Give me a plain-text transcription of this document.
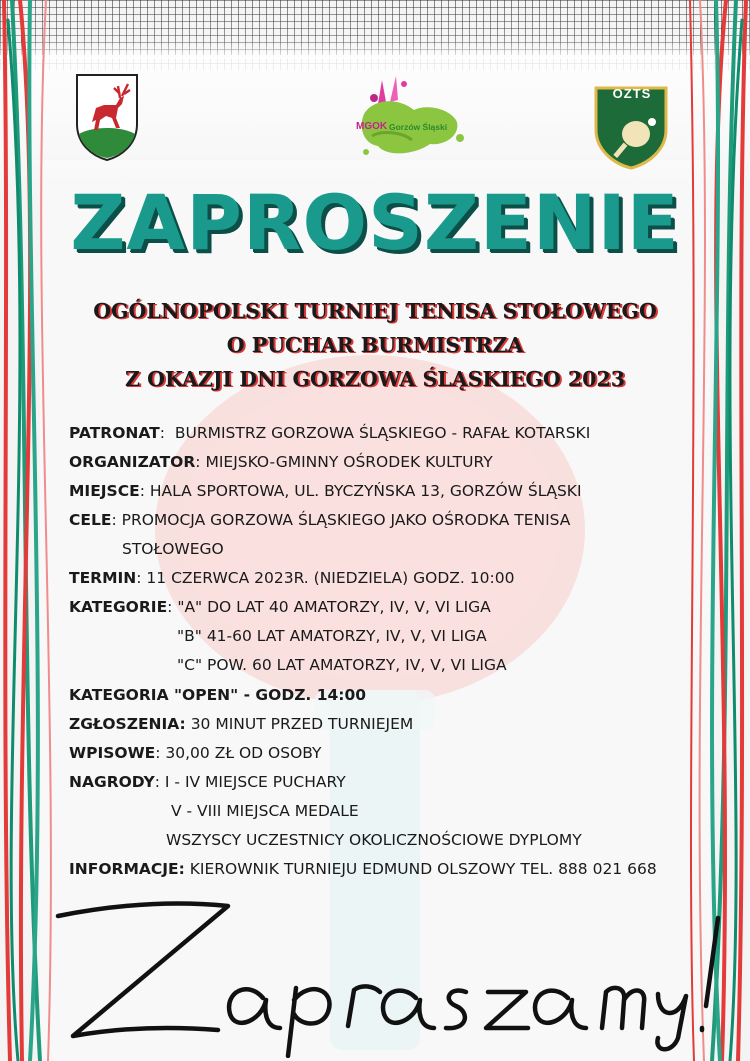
MGOK Gorzów Śląski
OZTS
ZAPROSZENIE
OGÓLNOPOLSKI TURNIEJ TENISA STOŁOWEGO
O PUCHAR BURMISTRZA
Z OKAZJI DNI GORZOWA ŚLĄSKIEGO 2023
PATRONAT:  BURMISTRZ GORZOWA ŚLĄSKIEGO - RAFAŁ KOTARSKI
ORGANIZATOR: MIEJSKO-GMINNY OŚRODEK KULTURY
MIEJSCE: HALA SPORTOWA, UL. BYCZYŃSKA 13, GORZÓW ŚLĄSKI
CELE: PROMOCJA GORZOWA ŚLĄSKIEGO JAKO OŚRODKA TENISA
STOŁOWEGO
TERMIN: 11 CZERWCA 2023R. (NIEDZIELA) GODZ. 10:00
KATEGORIE: "A" DO LAT 40 AMATORZY, IV, V, VI LIGA
"B" 41-60 LAT AMATORZY, IV, V, VI LIGA
"C" POW. 60 LAT AMATORZY, IV, V, VI LIGA
KATEGORIA "OPEN" - GODZ. 14:00
ZGŁOSZENIA: 30 MINUT PRZED TURNIEJEM
WPISOWE: 30,00 ZŁ OD OSOBY
NAGRODY: I - IV MIEJSCE PUCHARY
V - VIII MIEJSCA MEDALE
WSZYSCY UCZESTNICY OKOLICZNOŚCIOWE DYPLOMY
INFORMACJE: KIEROWNIK TURNIEJU EDMUND OLSZOWY TEL. 888 021 668
